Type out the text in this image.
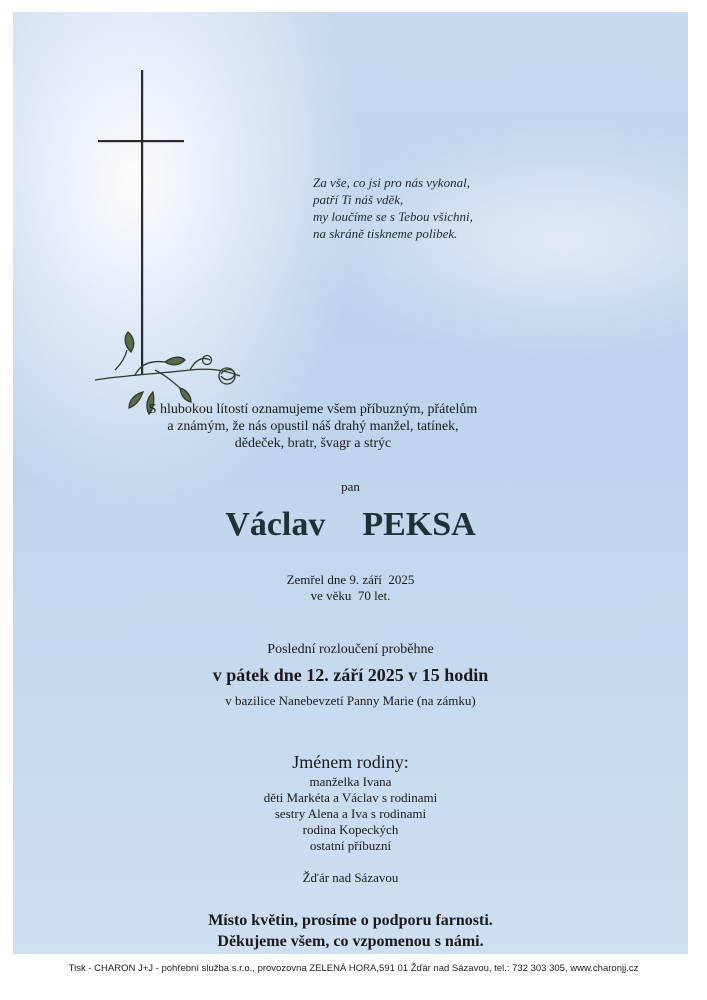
Za vše, co jsi pro nás vykonal,
patří Ti náš vděk,
my loučíme se s Tebou všichni,
na skráně tiskneme polibek.
S hlubokou lítostí oznamujeme všem příbuzným, přátelům
a známým, že nás opustil náš drahý manžel, tatínek,
dědeček, bratr, švagr a strýc
pan
Václav  PEKSA
Zemřel dne 9. září  2025
ve věku  70 let.
Poslední rozloučení proběhne
v pátek dne 12. září 2025 v 15 hodin
v bazilice Nanebevzetí Panny Marie (na zámku)
Jménem rodiny:
manželka Ivana
děti Markéta a Václav s rodinami
sestry Alena a Iva s rodinami
rodina Kopeckých
ostatní příbuzní
Žďár nad Sázavou
Místo květin, prosíme o podporu farnosti.
Děkujeme všem, co vzpomenou s námi.
Tisk - CHARON J+J - pohřební služba s.r.o., provozovna ZELENÁ HORA,591 01 Žďár nad Sázavou, tel.: 732 303 305, www.charonjj.cz
